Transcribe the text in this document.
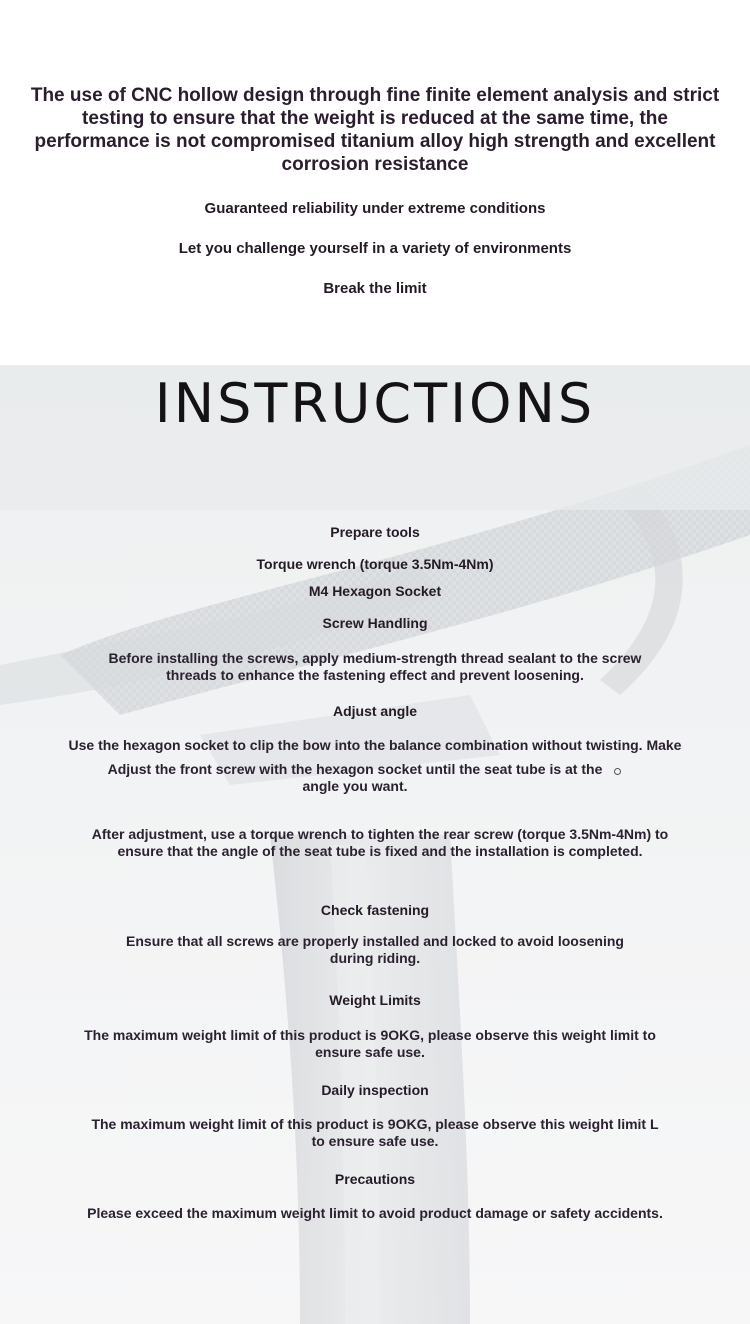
The use of CNC hollow design through fine finite element analysis and strict testing to ensure that the weight is reduced at the same time, the performance is not compromised titanium alloy high strength and excellent corrosion resistance
Guaranteed reliability under extreme conditions
Let you challenge yourself in a variety of environments
Break the limit
INSTRUCTIONS
Prepare tools
Torque wrench (torque 3.5Nm-4Nm)
M4 Hexagon Socket
Screw Handling
Before installing the screws, apply medium-strength thread sealant to the screw threads to enhance the fastening effect and prevent loosening.
Adjust angle
Use the hexagon socket to clip the bow into the balance combination without twisting. Make
Adjust the front screw with the hexagon socket until the seat tube is at the angle you want.
After adjustment, use a torque wrench to tighten the rear screw (torque 3.5Nm-4Nm) to ensure that the angle of the seat tube is fixed and the installation is completed.
Check fastening
Ensure that all screws are properly installed and locked to avoid loosening during riding.
Weight Limits
The maximum weight limit of this product is 9OKG, please observe this weight limit to ensure safe use.
Daily inspection
The maximum weight limit of this product is 9OKG, please observe this weight limit L to ensure safe use.
Precautions
Please exceed the maximum weight limit to avoid product damage or safety accidents.
